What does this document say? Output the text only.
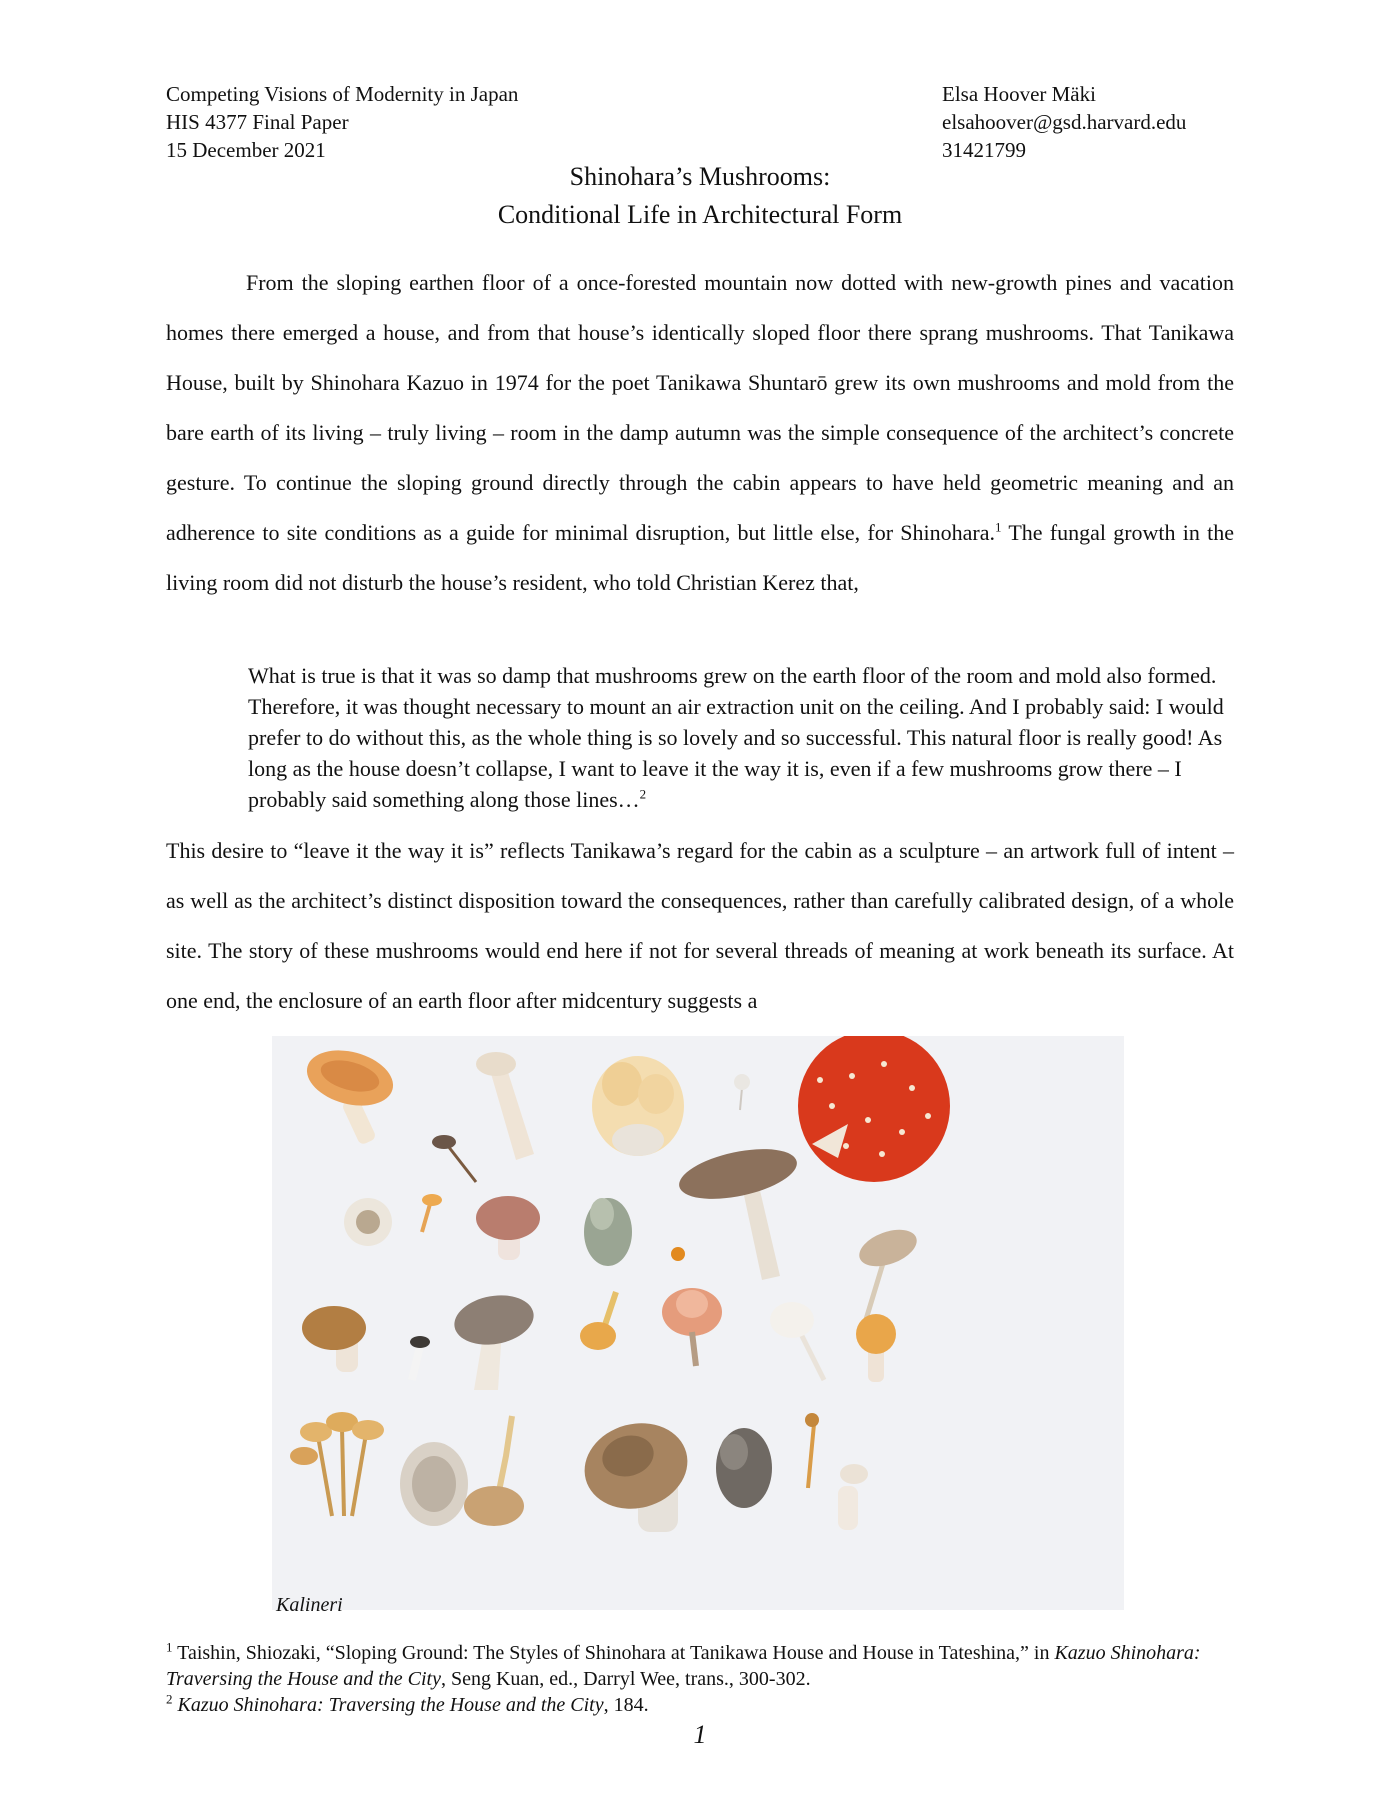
Competing Visions of Modernity in Japan
HIS 4377 Final Paper
15 December 2021
Elsa Hoover Mäki
elsahoover@gsd.harvard.edu
31421799
Shinohara’s Mushrooms:
Conditional Life in Architectural Form
From the sloping earthen floor of a once-forested mountain now dotted with new-growth pines and vacation homes there emerged a house, and from that house’s identically sloped floor there sprang mushrooms. That Tanikawa House, built by Shinohara Kazuo in 1974 for the poet Tanikawa Shuntarō grew its own mushrooms and mold from the bare earth of its living – truly living – room in the damp autumn was the simple consequence of the architect’s concrete gesture. To continue the sloping ground directly through the cabin appears to have held geometric meaning and an adherence to site conditions as a guide for minimal disruption, but little else, for Shinohara.$^1$ The fungal growth in the living room did not disturb the house’s resident, who told Christian Kerez that,
What is true is that it was so damp that mushrooms grew on the earth floor of the room and mold also formed. Therefore, it was thought necessary to mount an air extraction unit on the ceiling. And I probably said: I would prefer to do without this, as the whole thing is so lovely and so successful. This natural floor is really good! As long as the house doesn’t collapse, I want to leave it the way it is, even if a few mushrooms grow there – I probably said something along those lines…$^2$
This desire to “leave it the way it is” reflects Tanikawa’s regard for the cabin as a sculpture – an artwork full of intent – as well as the architect’s distinct disposition toward the consequences, rather than carefully calibrated design, of a whole site. The story of these mushrooms would end here if not for several threads of meaning at work beneath its surface. At one end, the enclosure of an earth floor after midcentury suggests a
Kalineri

$^1$ Taishin, Shiozaki, “Sloping Ground: The Styles of Shinohara at Tanikawa House and House in Tateshina,” in Kazuo Shinohara: Traversing the House and the City, Seng Kuan, ed., Darryl Wee, trans., 300-302.

$^2$ Kazuo Shinohara: Traversing the House and the City, 184.

1
